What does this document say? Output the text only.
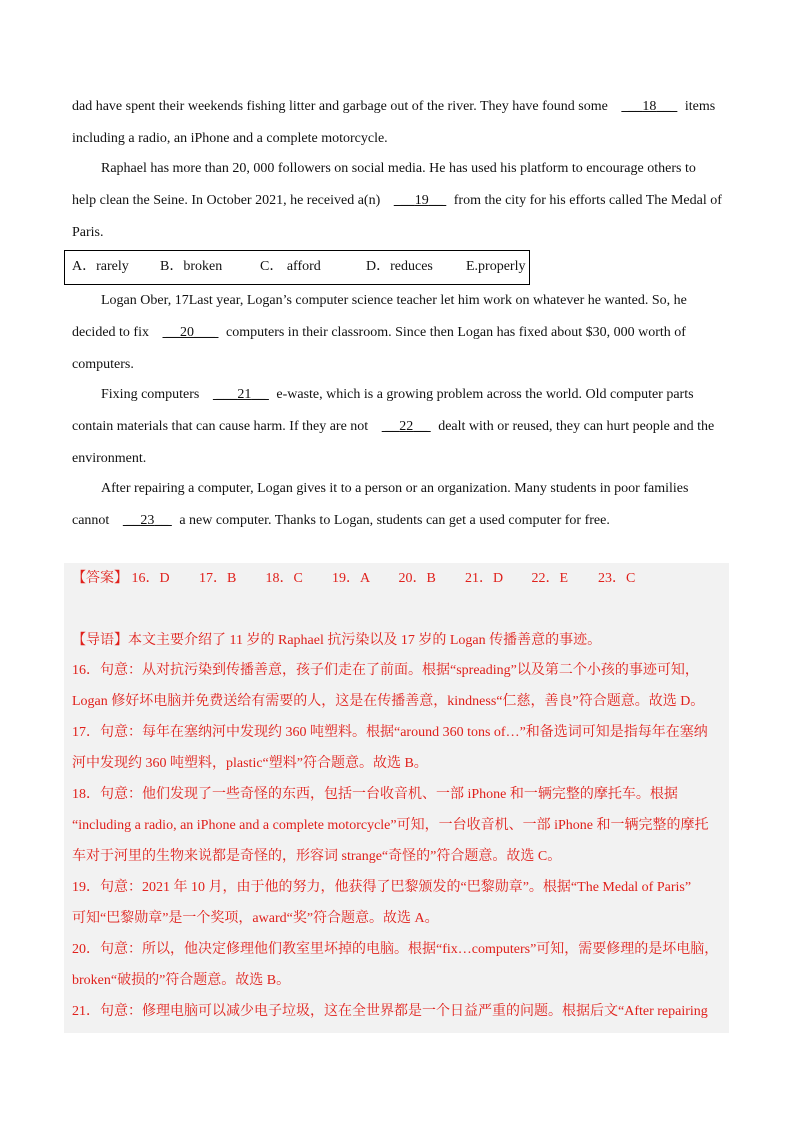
dad have spent their weekends fishing litter and garbage out of the river. They have found some   __18__   items
including a radio, an iPhone and a complete motorcycle.
Raphael has more than 20, 000 followers on social media. He has used his platform to encourage others to
help clean the Seine. In October 2021, he received a(n)   __19__  from the city for his efforts called The Medal of
Paris.
A．rarely B．broken	C． afford	D．reduces E.properly
Logan Ober, 17Last year, Logan’s computer science teacher let him work on whatever he wanted. So, he
decided to fix  __20___  computers in their classroom. Since then Logan has fixed about $30, 000 worth of
computers.
Fixing computers  ___21__  e-waste, which is a growing problem across the world. Old computer parts
contain materials that can cause harm. If they are not  __22__  dealt with or reused, they can hurt people and the
environment.
After repairing a computer, Logan gives it to a person or an organization. Many students in poor families
cannot  __23__  a new computer. Thanks to Logan, students can get a used computer for free.
【答案】 16．D 17．B 18．C 19．A 20．B 21．D 22．E 23．C
【导语】本文主要介绍了 11 岁的 Raphael 抗污染以及 17 岁的 Logan 传播善意的事迹。
16．句意：从对抗污染到传播善意，孩子们走在了前面。根据“spreading”以及第二个小孩的事迹可知，
Logan 修好坏电脑并免费送给有需要的人，这是在传播善意，kindness“仁慈，善良”符合题意。故选 D。
17．句意：每年在塞纳河中发现约 360 吨塑料。根据“around 360 tons of…”和备选词可知是指每年在塞纳
河中发现约 360 吨塑料，plastic“塑料”符合题意。故选 B。
18．句意：他们发现了一些奇怪的东西，包括一台收音机、一部 iPhone 和一辆完整的摩托车。根据
“including a radio, an iPhone and a complete motorcycle”可知，一台收音机、一部 iPhone 和一辆完整的摩托
车对于河里的生物来说都是奇怪的，形容词 strange“奇怪的”符合题意。故选 C。
19．句意：2021 年 10 月，由于他的努力，他获得了巴黎颁发的“巴黎勋章”。根据“The Medal of Paris”
可知“巴黎勋章”是一个奖项，award“奖”符合题意。故选 A。
20．句意：所以，他决定修理他们教室里坏掉的电脑。根据“fix…computers”可知，需要修理的是坏电脑，
broken“破损的”符合题意。故选 B。
21．句意：修理电脑可以减少电子垃圾，这在全世界都是一个日益严重的问题。根据后文“After repairing
